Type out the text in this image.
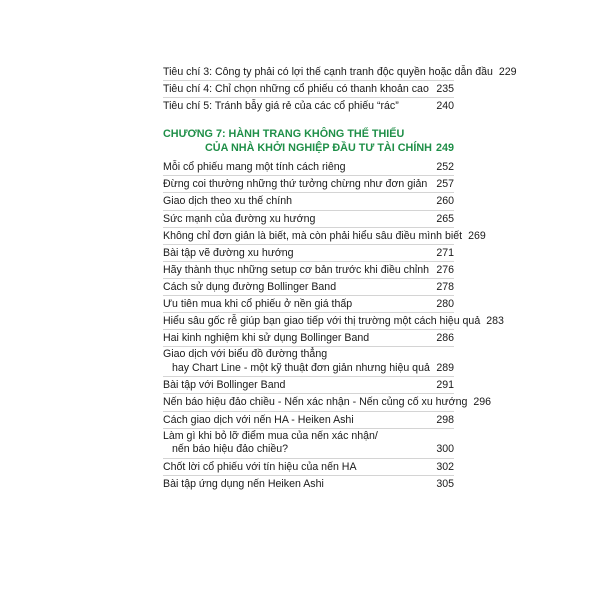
Tiêu chí 3: Công ty phải có lợi thế cạnh tranh độc quyền hoặc dẫn đầu 229
Tiêu chí 4: Chỉ chọn những cổ phiếu có thanh khoản cao 235
Tiêu chí 5: Tránh bẫy giá rẻ của các cổ phiếu “rác”	240
CHƯƠNG 7: HÀNH TRANG KHÔNG THỂ THIẾU
CỦA NHÀ KHỞI NGHIỆP ĐẦU TƯ TÀI CHÍNH 249
Mỗi cổ phiếu mang một tính cách riêng	252
Đừng coi thường những thứ tưởng chừng như đơn giản 257
Giao dịch theo xu thế chính	260
Sức mạnh của đường xu hướng	265
Không chỉ đơn giản là biết, mà còn phải hiểu sâu điều mình biết 269
Bài tập vẽ đường xu hướng	271
Hãy thành thục những setup cơ bản trước khi điều chỉnh 276
Cách sử dụng đường Bollinger Band	278
Ưu tiên mua khi cổ phiếu ở nền giá thấp	280
Hiểu sâu gốc rễ giúp bạn giao tiếp với thị trường một cách hiệu quả 283
Hai kinh nghiệm khi sử dụng Bollinger Band	286
Giao dịch với biểu đồ đường thẳng
hay Chart Line - một kỹ thuật đơn giản nhưng hiệu quả 289
Bài tập với Bollinger Band	291
Nến báo hiệu đảo chiều - Nến xác nhận - Nến củng cố xu hướng 296
Cách giao dịch với nến HA - Heiken Ashi	298
Làm gì khi bỏ lỡ điểm mua của nến xác nhận/
nến báo hiệu đảo chiều?	300
Chốt lời cổ phiếu với tín hiệu của nến HA	302
Bài tập ứng dụng nến Heiken Ashi	305
